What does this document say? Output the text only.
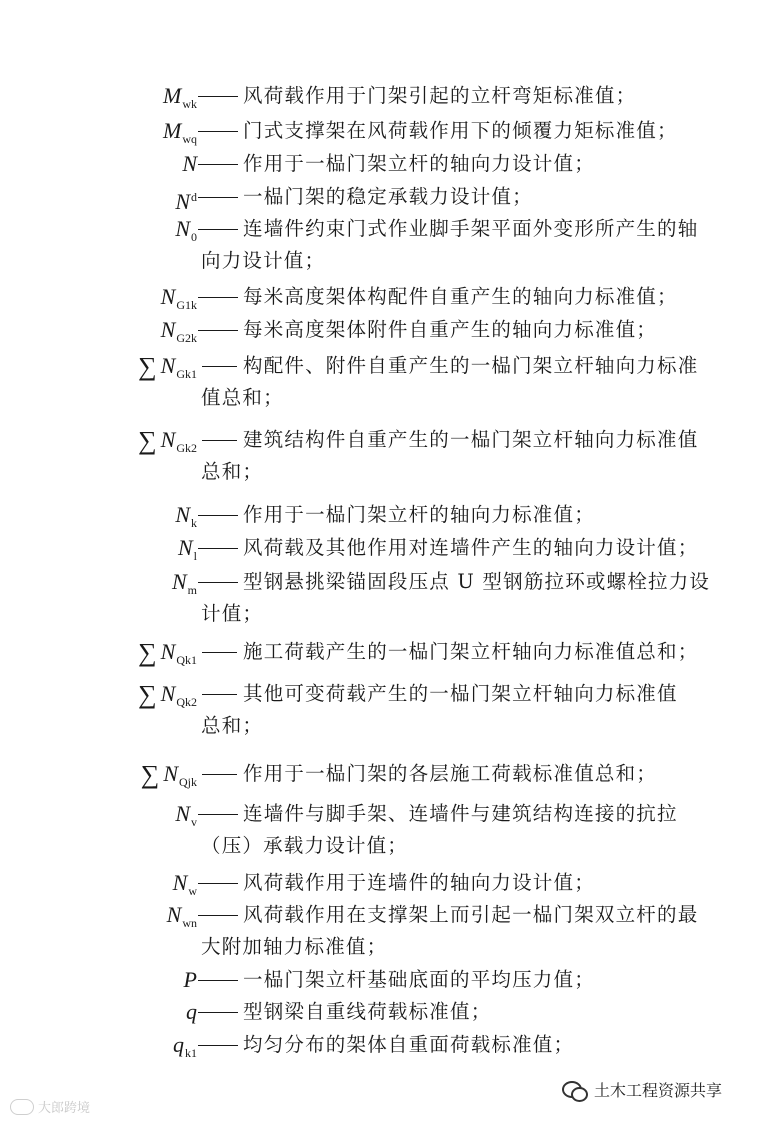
$M_{wk}$ 风荷载作用于门架引起的立杆弯矩标准值；
$M_{wq}$ 门式支撑架在风荷载作用下的倾覆力矩标准值；
N 作用于一榀门架立杆的轴向力设计值；
$N^d$ 一榀门架的稳定承载力设计值；
$N_0$ 连墙件约束门式作业脚手架平面外变形所产生的轴
向力设计值；
$N_{G1k}$ 每米高度架体构配件自重产生的轴向力标准值；
$N_{G2k}$ 每米高度架体附件自重产生的轴向力标准值；
∑ $N_{Gk1}$ 构配件、附件自重产生的一榀门架立杆轴向力标准
值总和；
∑ $N_{Gk2}$ 建筑结构件自重产生的一榀门架立杆轴向力标准值
总和；
$N_k$ 作用于一榀门架立杆的轴向力标准值；
$N_l$ 风荷载及其他作用对连墙件产生的轴向力设计值；
$N_m$ 型钢悬挑梁锚固段压点 U 型钢筋拉环或螺栓拉力设
计值；
∑ $N_{Qk1}$ 施工荷载产生的一榀门架立杆轴向力标准值总和；
∑ $N_{Qk2}$ 其他可变荷载产生的一榀门架立杆轴向力标准值
总和；
∑ $N_{Qjk}$ 作用于一榀门架的各层施工荷载标准值总和；
$N_v$ 连墙件与脚手架、连墙件与建筑结构连接的抗拉
（压）承载力设计值；
$N_w$ 风荷载作用于连墙件的轴向力设计值；
$N_{wn}$ 风荷载作用在支撑架上而引起一榀门架双立杆的最
大附加轴力标准值；
P 一榀门架立杆基础底面的平均压力值；
q 型钢梁自重线荷载标准值；
$q_{k1}$ 均匀分布的架体自重面荷载标准值；
大郎跨境
土木工程资源共享
